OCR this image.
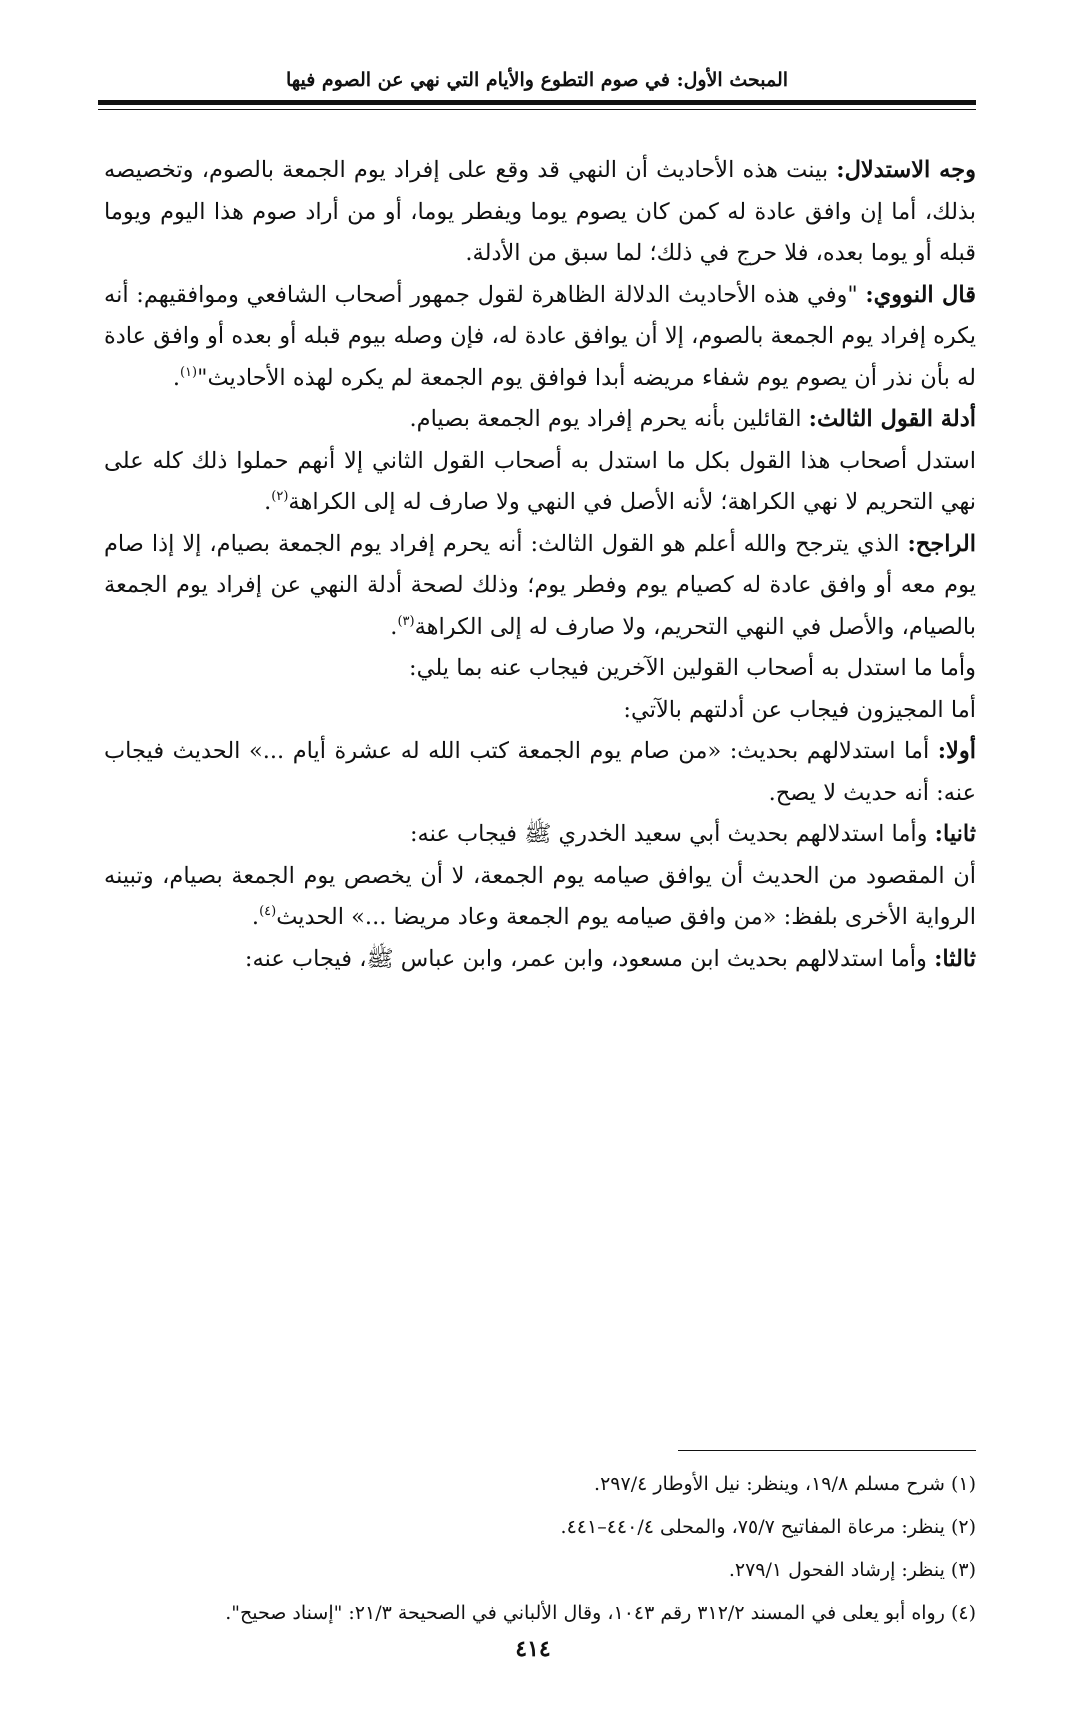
المبحث الأول: في صوم التطوع والأيام التي نهي عن الصوم فيها

وجه الاستدلال: بينت هذه الأحاديث أن النهي قد وقع على إفراد يوم الجمعة بالصوم، وتخصيصه بذلك، أما إن وافق عادة له كمن كان يصوم يوما ويفطر يوما، أو من أراد صوم هذا اليوم ويوما قبله أو يوما بعده، فلا حرج في ذلك؛ لما سبق من الأدلة.

قال النووي: "وفي هذه الأحاديث الدلالة الظاهرة لقول جمهور أصحاب الشافعي وموافقيهم: أنه يكره إفراد يوم الجمعة بالصوم، إلا أن يوافق عادة له، فإن وصله بيوم قبله أو بعده أو وافق عادة له بأن نذر أن يصوم يوم شفاء مريضه أبدا فوافق يوم الجمعة لم يكره لهذه الأحاديث"$^{(١)}$.

أدلة القول الثالث: القائلين بأنه يحرم إفراد يوم الجمعة بصيام.

استدل أصحاب هذا القول بكل ما استدل به أصحاب القول الثاني إلا أنهم حملوا ذلك كله على نهي التحريم لا نهي الكراهة؛ لأنه الأصل في النهي ولا صارف له إلى الكراهة$^{(٢)}$.

الراجح: الذي يترجح والله أعلم هو القول الثالث: أنه يحرم إفراد يوم الجمعة بصيام، إلا إذا صام يوم معه أو وافق عادة له كصيام يوم وفطر يوم؛ وذلك لصحة أدلة النهي عن إفراد يوم الجمعة بالصيام، والأصل في النهي التحريم، ولا صارف له إلى الكراهة$^{(٣)}$.

وأما ما استدل به أصحاب القولين الآخرين فيجاب عنه بما يلي:

أما المجيزون فيجاب عن أدلتهم بالآتي:

أولا: أما استدلالهم بحديث: «من صام يوم الجمعة كتب الله له عشرة أيام ...» الحديث فيجاب عنه: أنه حديث لا يصح.

ثانيا: وأما استدلالهم بحديث أبي سعيد الخدري ﷺ فيجاب عنه:

أن المقصود من الحديث أن يوافق صيامه يوم الجمعة، لا أن يخصص يوم الجمعة بصيام، وتبينه الرواية الأخرى بلفظ: «من وافق صيامه يوم الجمعة وعاد مريضا ...» الحديث$^{(٤)}$.

ثالثا: وأما استدلالهم بحديث ابن مسعود، وابن عمر، وابن عباس ﷺ، فيجاب عنه:

(١) شرح مسلم ١٩/٨، وينظر: نيل الأوطار ٢٩٧/٤.

(٢) ينظر: مرعاة المفاتيح ٧٥/٧، والمحلى ٤٤٠/٤–٤٤١.

(٣) ينظر: إرشاد الفحول ٢٧٩/١.

(٤) رواه أبو يعلى في المسند ٣١٢/٢ رقم ١٠٤٣، وقال الألباني في الصحيحة ٢١/٣: "إسناد صحيح".

٤١٤
